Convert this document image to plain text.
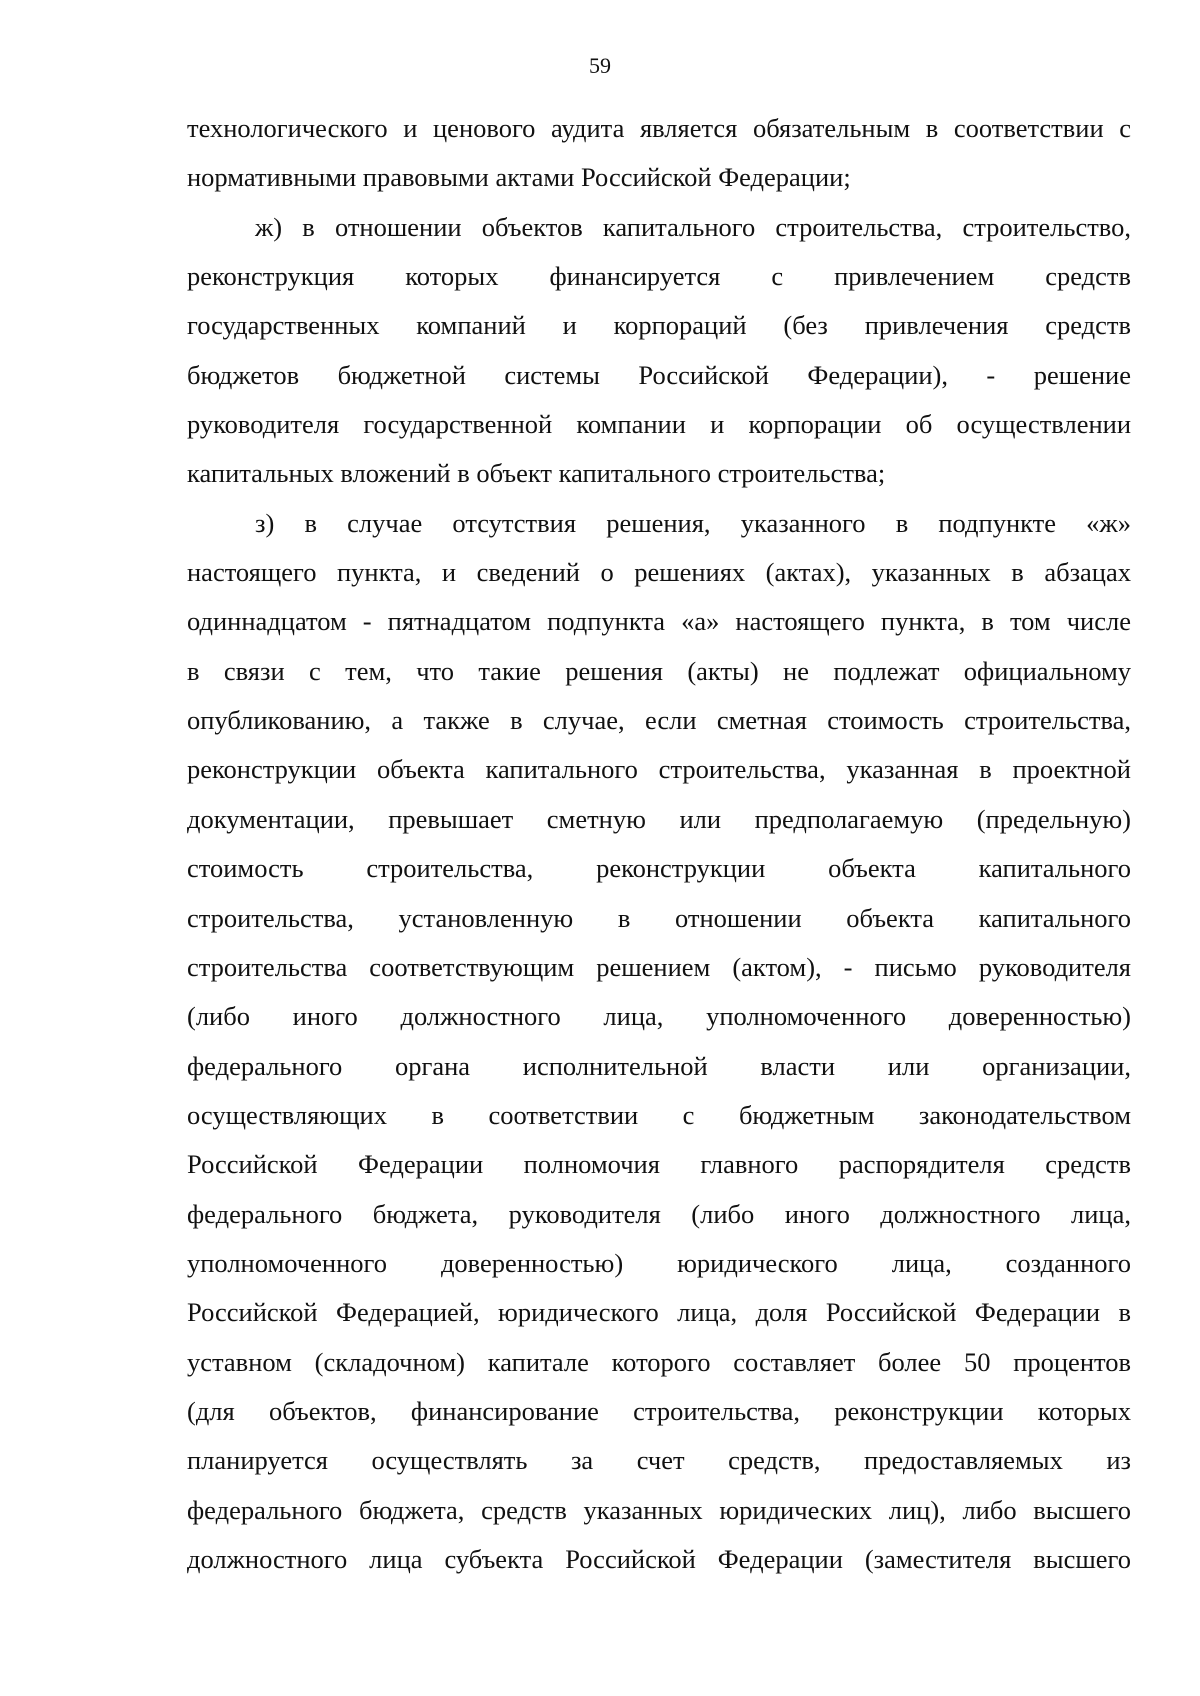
59
технологического и ценового аудита является обязательным в соответствии с
нормативными правовыми актами Российской Федерации;
ж) в отношении объектов капитального строительства, строительство,
реконструкция которых финансируется с привлечением средств
государственных компаний и корпораций (без привлечения средств
бюджетов бюджетной системы Российской Федерации), - решение
руководителя государственной компании и корпорации об осуществлении
капитальных вложений в объект капитального строительства;
з) в случае отсутствия решения, указанного в подпункте «ж»
настоящего пункта, и сведений о решениях (актах), указанных в абзацах
одиннадцатом - пятнадцатом подпункта «а» настоящего пункта, в том числе
в связи с тем, что такие решения (акты) не подлежат официальному
опубликованию, а также в случае, если сметная стоимость строительства,
реконструкции объекта капитального строительства, указанная в проектной
документации, превышает сметную или предполагаемую (предельную)
стоимость строительства, реконструкции объекта капитального
строительства, установленную в отношении объекта капитального
строительства соответствующим решением (актом), - письмо руководителя
(либо иного должностного лица, уполномоченного доверенностью)
федерального органа исполнительной власти или организации,
осуществляющих в соответствии с бюджетным законодательством
Российской Федерации полномочия главного распорядителя средств
федерального бюджета, руководителя (либо иного должностного лица,
уполномоченного доверенностью) юридического лица, созданного
Российской Федерацией, юридического лица, доля Российской Федерации в
уставном (складочном) капитале которого составляет более 50 процентов
(для объектов, финансирование строительства, реконструкции которых
планируется осуществлять за счет средств, предоставляемых из
федерального бюджета, средств указанных юридических лиц), либо высшего
должностного лица субъекта Российской Федерации (заместителя высшего
